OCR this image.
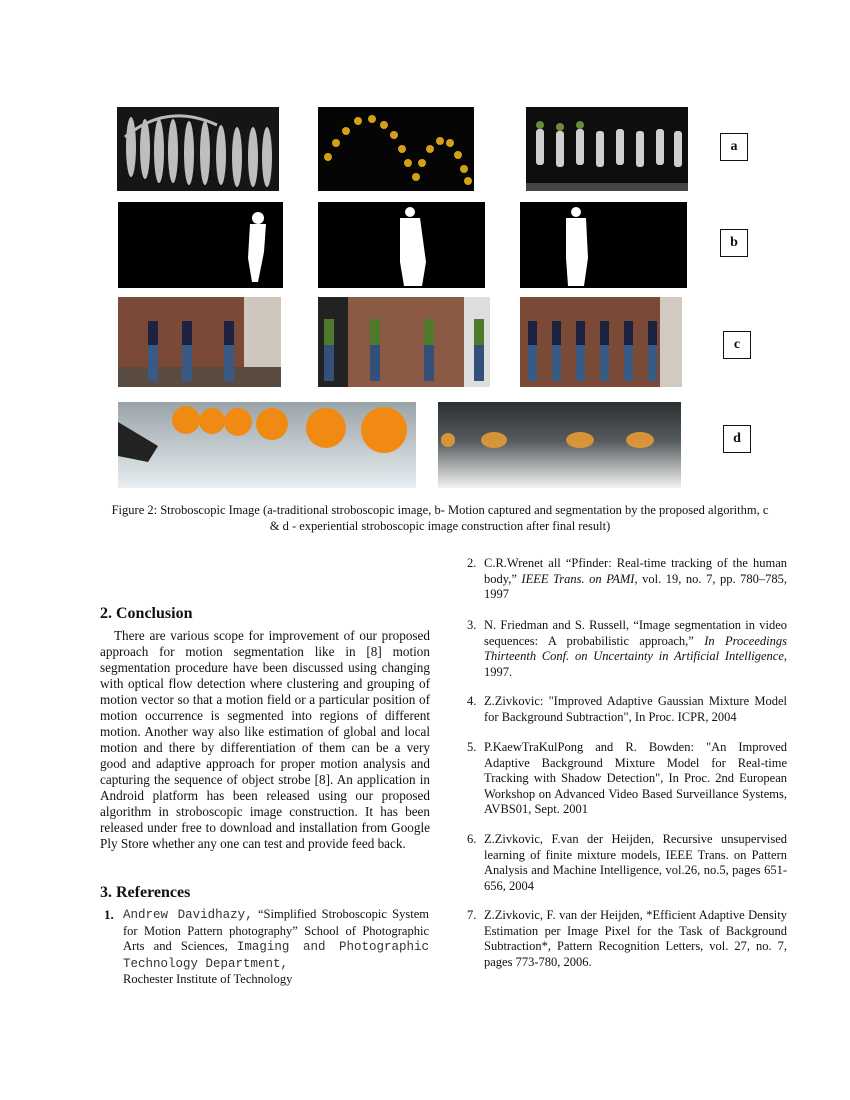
a
b
c
d
Figure 2: Stroboscopic Image (a-traditional stroboscopic image, b- Motion captured and segmentation by the proposed algorithm, c
& d - experiential stroboscopic image construction after final result)
2. Conclusion

There are various scope for improvement of our proposed approach for motion segmentation like in [8] motion segmentation procedure have been discussed using changing with optical flow detection where clustering and grouping of motion vector so that a motion field or a particular position of motion occurrence is segmented into regions of different motion. Another way also like estimation of global and local motion and there by differentiation of them can be a very good and adaptive approach for proper motion analysis and capturing the sequence of object strobe [8]. An application in Android platform has been released using our proposed algorithm in stroboscopic image construction. It has been released under free to download and installation from Google Ply Store whether any one can test and provide feed back.

3. References
1. Andrew Davidhazy, “Simplified Stroboscopic System for Motion Pattern photography” School of Photographic Arts and Sciences, Imaging and Photographic Technology Department,
Rochester Institute of Technology
2. C.R.Wrenet all “Pfinder: Real-time tracking of the human body,” IEEE Trans. on PAMI, vol. 19, no. 7, pp. 780–785, 1997
3. N. Friedman and S. Russell, “Image segmentation in video sequences: A probabilistic approach,” In Proceedings Thirteenth Conf. on Uncertainty in Artificial Intelligence, 1997.
4. Z.Zivkovic: "Improved Adaptive Gaussian Mixture Model for Background Subtraction", In Proc. ICPR, 2004
5. P.KaewTraKulPong and R. Bowden: "An Improved Adaptive Background Mixture Model for Real-time Tracking with Shadow Detection", In Proc. 2nd European Workshop on Advanced Video Based Surveillance Systems, AVBS01, Sept. 2001
6. Z.Zivkovic, F.van der Heijden, Recursive unsupervised learning of finite mixture models, IEEE Trans. on Pattern Analysis and Machine Intelligence, vol.26, no.5, pages 651-656, 2004
7. Z.Zivkovic, F. van der Heijden, *Efficient Adaptive Density Estimation per Image Pixel for the Task of Background Subtraction*, Pattern Recognition Letters, vol. 27, no. 7, pages 773-780, 2006.
